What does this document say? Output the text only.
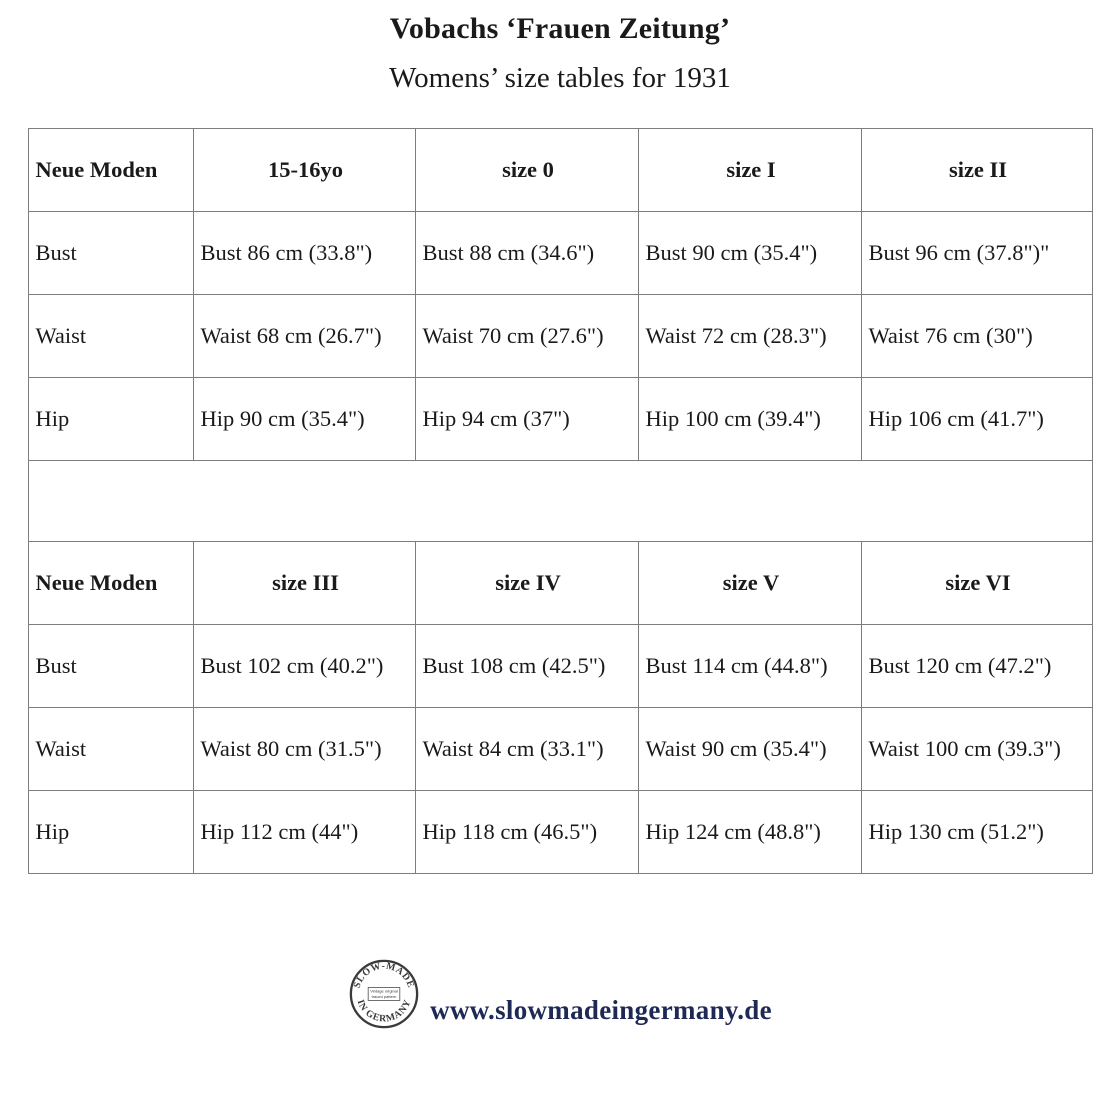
Vobachs ‘Frauen Zeitung’
Womens’ size tables for 1931
Neue Moden	15-16yo	size 0	size I	size II
Bust	Bust 86 cm (33.8")	Bust 88 cm (34.6")	Bust 90 cm (35.4")	Bust 96 cm (37.8")"
Waist	Waist 68 cm (26.7")	Waist 70 cm (27.6")	Waist 72 cm (28.3")	Waist 76 cm (30")
Hip	Hip 90 cm (35.4")	Hip 94 cm (37")	Hip 100 cm (39.4")	Hip 106 cm (41.7")

Neue Moden	size III	size IV	size V	size VI
Bust	Bust 102 cm (40.2")	Bust 108 cm (42.5")	Bust 114 cm (44.8")	Bust 120 cm (47.2")
Waist	Waist 80 cm (31.5")	Waist 84 cm (33.1")	Waist 90 cm (35.4")	Waist 100 cm (39.3")
Hip	Hip 112 cm (44")	Hip 118 cm (46.5")	Hip 124 cm (48.8")	Hip 130 cm (51.2")
SLOW-MADE
IN GERMANY
Vintage original
traced pattern www.slowmadeingermany.de
